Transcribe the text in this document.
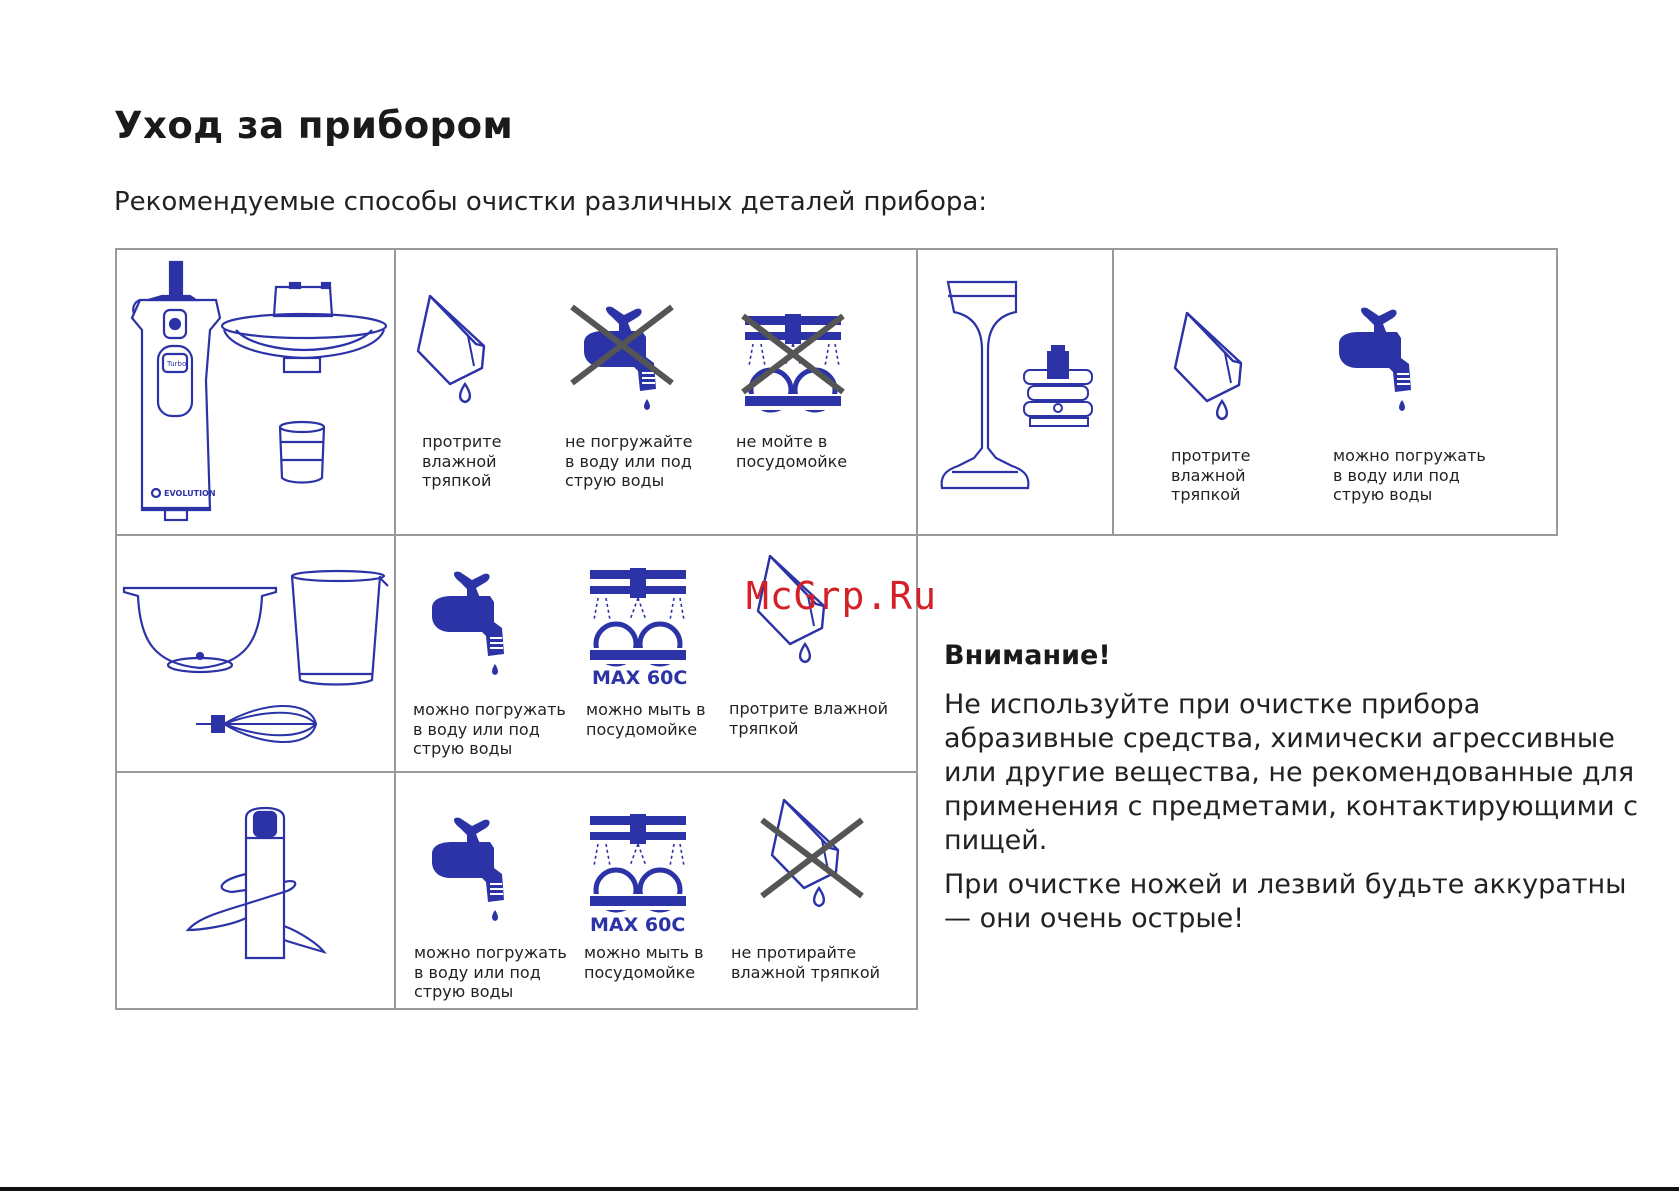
Уход за прибором

Рекомендуемые способы очистки различных деталей прибора:

EVOLUTION
Turbo
протрите
влажной
тряпкой
не погружайте
в воду или под
струю воды
не мойте в
посудомойке	протрите
влажной
тряпкой
можно погружать
в воду или под
струю воды
MAX 60C
можно погружать
в воду или под
струю воды
можно мыть в
посудомойке
протрите влажной
тряпкой
MAX 60C
можно погружать
в воду или под
струю воды
можно мыть в
посудомойке
не протирайте
влажной тряпкой
McGrp.Ru
Внимание!

Не используйте при очистке прибора абразивные средства, химически агрессивные или другие вещества, не рекомендованные для применения с предметами, контактирующими с пищей.

При очистке ножей и лезвий будьте аккуратны — они очень острые!
